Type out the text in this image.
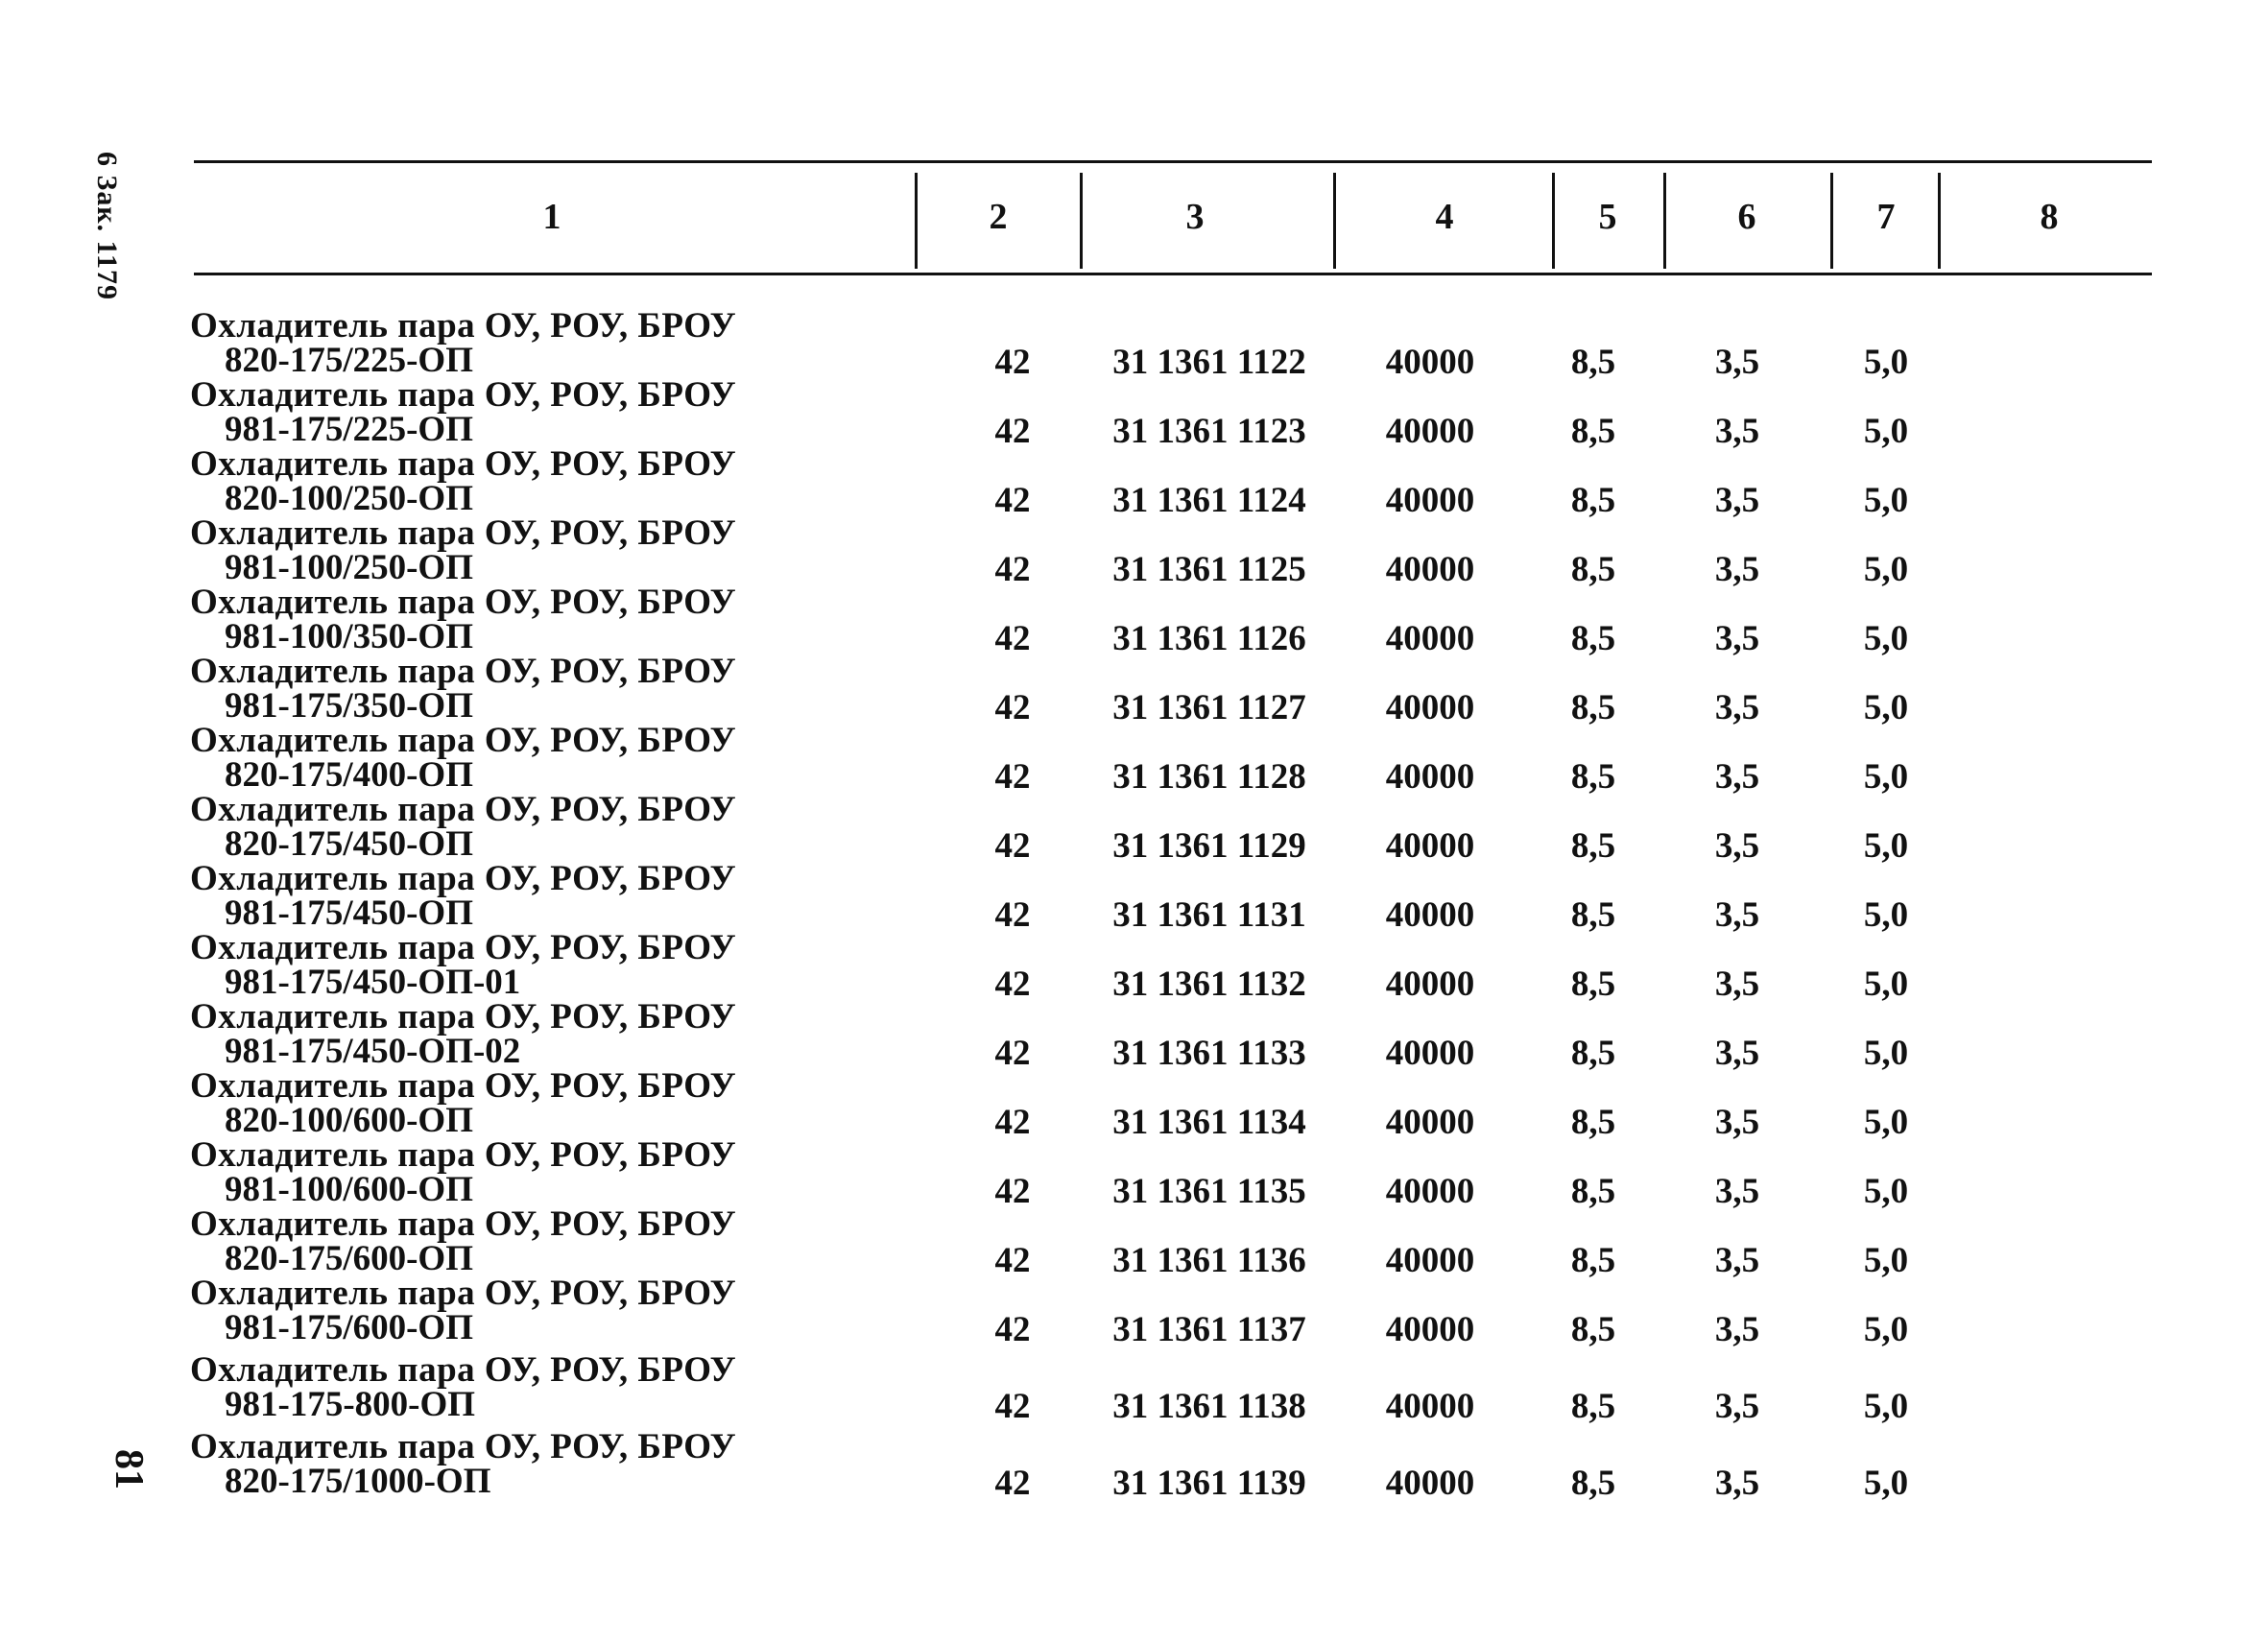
6 Зак. 1179
81
1	2	3	4	5	6	7	8
Охладитель пара ОУ, РОУ, БРОУ
820-175/225-ОП	42	31 1361 1122	40000	8,5	3,5	5,0
Охладитель пара ОУ, РОУ, БРОУ
981-175/225-ОП	42	31 1361 1123	40000	8,5	3,5	5,0
Охладитель пара ОУ, РОУ, БРОУ
820-100/250-ОП	42	31 1361 1124	40000	8,5	3,5	5,0
Охладитель пара ОУ, РОУ, БРОУ
981-100/250-ОП	42	31 1361 1125	40000	8,5	3,5	5,0
Охладитель пара ОУ, РОУ, БРОУ
981-100/350-ОП	42	31 1361 1126	40000	8,5	3,5	5,0
Охладитель пара ОУ, РОУ, БРОУ
981-175/350-ОП	42	31 1361 1127	40000	8,5	3,5	5,0
Охладитель пара ОУ, РОУ, БРОУ
820-175/400-ОП	42	31 1361 1128	40000	8,5	3,5	5,0
Охладитель пара ОУ, РОУ, БРОУ
820-175/450-ОП	42	31 1361 1129	40000	8,5	3,5	5,0
Охладитель пара ОУ, РОУ, БРОУ
981-175/450-ОП	42	31 1361 1131	40000	8,5	3,5	5,0
Охладитель пара ОУ, РОУ, БРОУ
981-175/450-ОП-01	42	31 1361 1132	40000	8,5	3,5	5,0
Охладитель пара ОУ, РОУ, БРОУ
981-175/450-ОП-02	42	31 1361 1133	40000	8,5	3,5	5,0
Охладитель пара ОУ, РОУ, БРОУ
820-100/600-ОП	42	31 1361 1134	40000	8,5	3,5	5,0
Охладитель пара ОУ, РОУ, БРОУ
981-100/600-ОП	42	31 1361 1135	40000	8,5	3,5	5,0
Охладитель пара ОУ, РОУ, БРОУ
820-175/600-ОП	42	31 1361 1136	40000	8,5	3,5	5,0
Охладитель пара ОУ, РОУ, БРОУ
981-175/600-ОП	42	31 1361 1137	40000	8,5	3,5	5,0
Охладитель пара ОУ, РОУ, БРОУ
981-175-800-ОП	42	31 1361 1138	40000	8,5	3,5	5,0
Охладитель пара ОУ, РОУ, БРОУ
820-175/1000-ОП	42	31 1361 1139	40000	8,5	3,5	5,0
